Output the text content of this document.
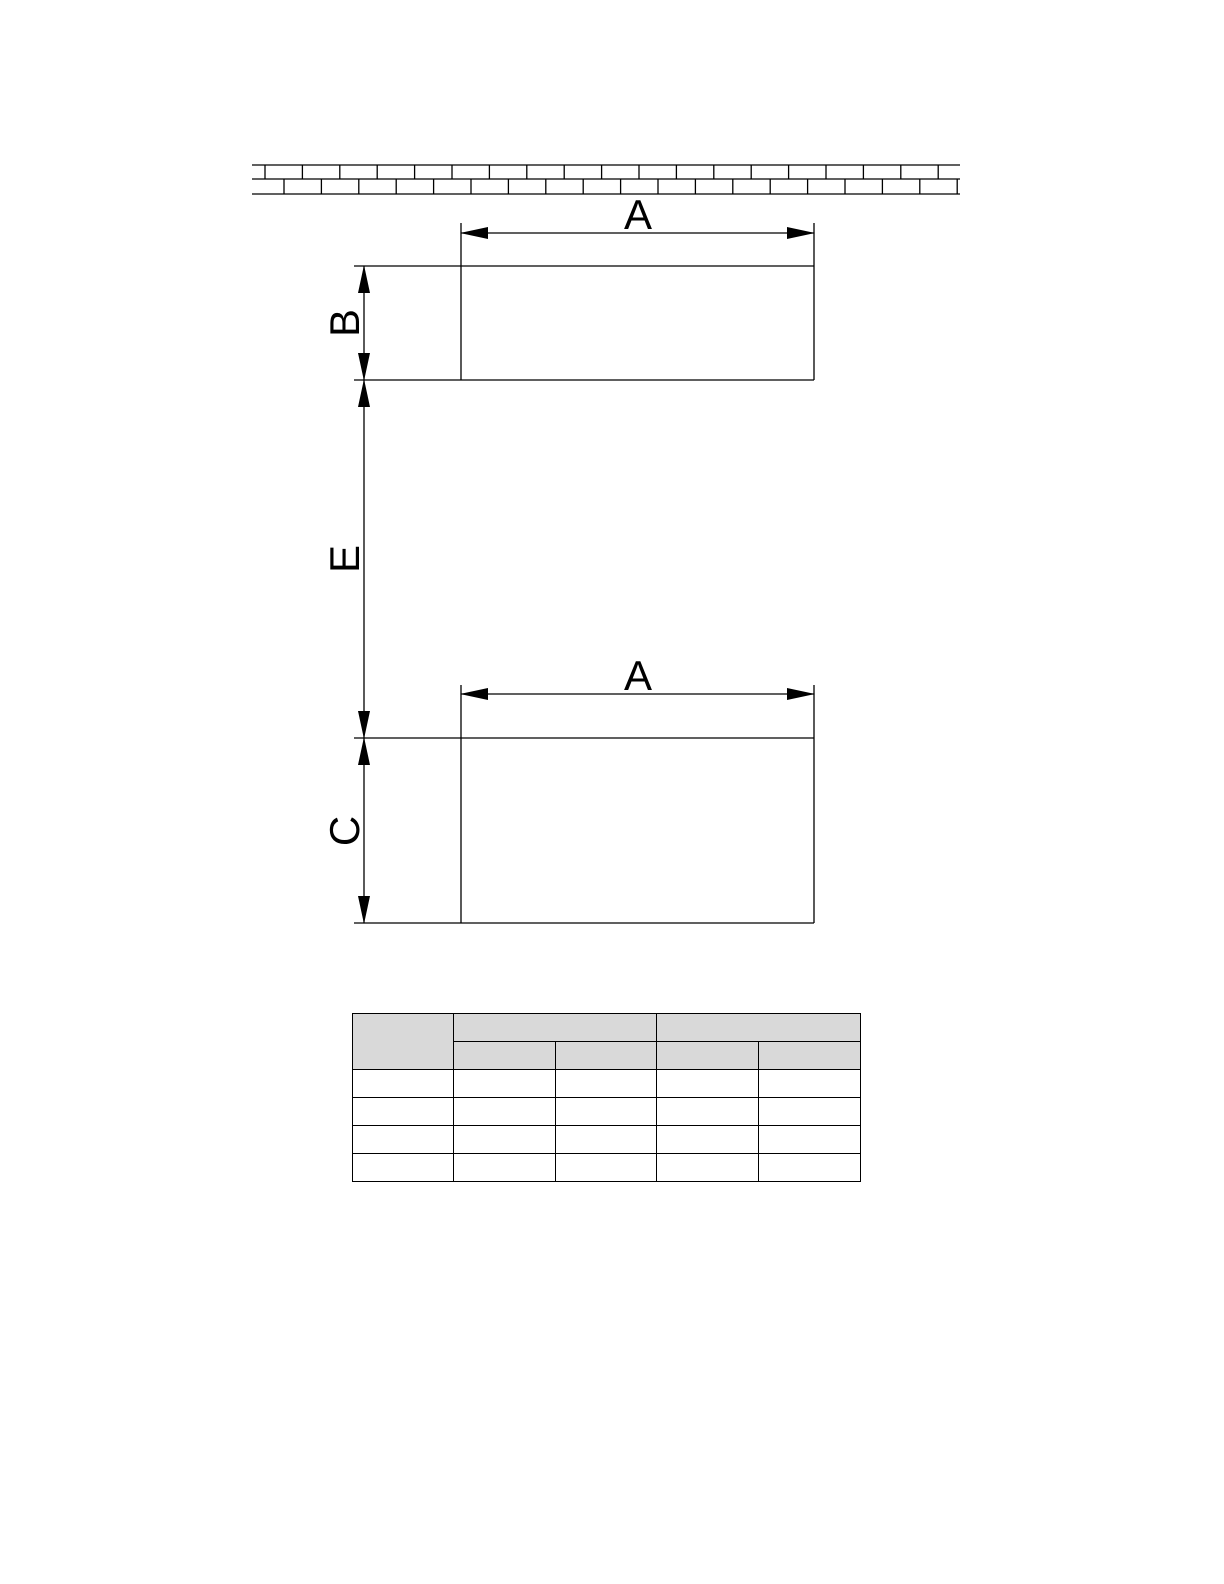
A
B
E
A
C
